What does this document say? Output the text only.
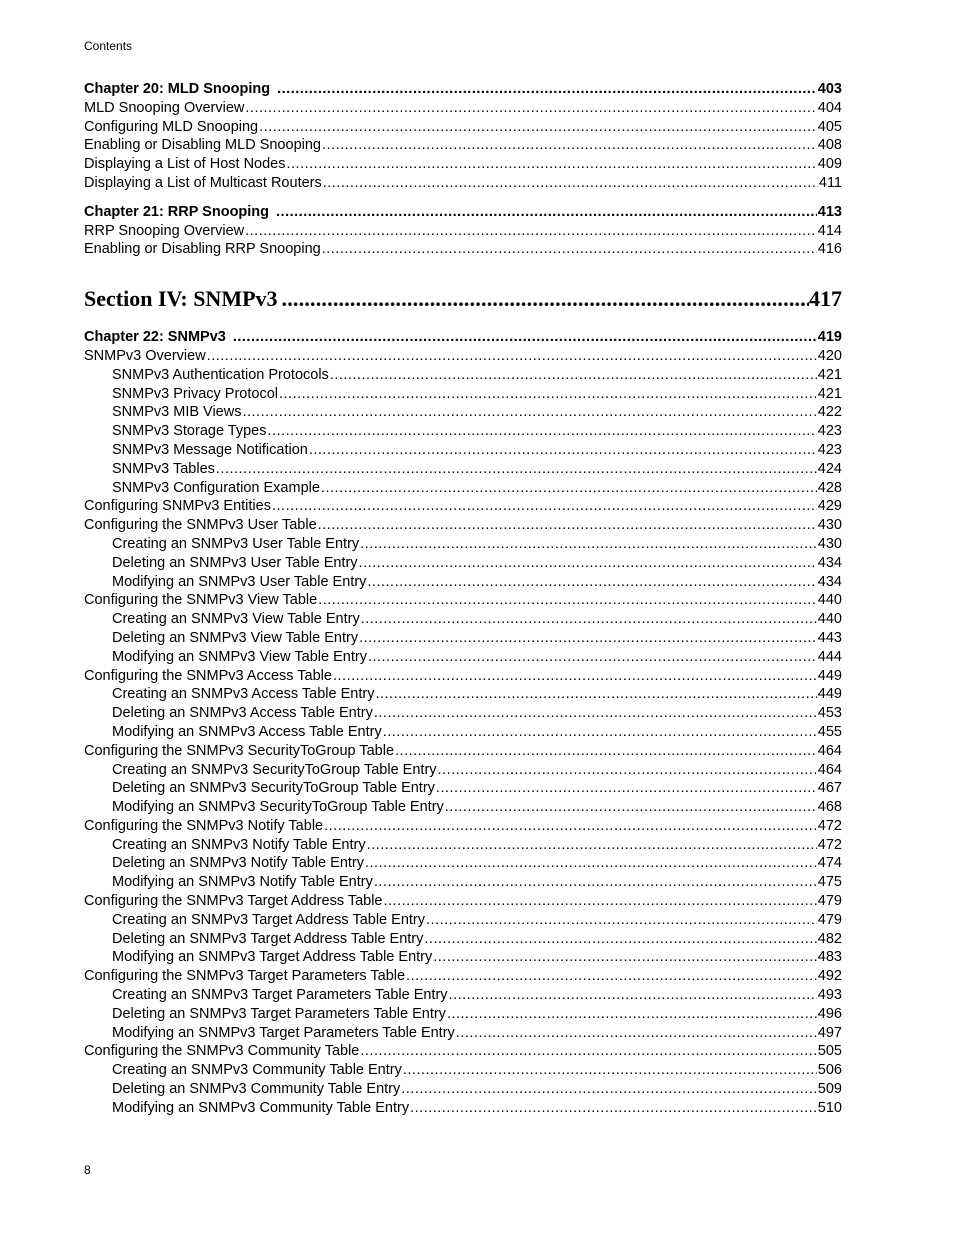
Contents
Chapter 20: MLD Snooping .....	403
MLD Snooping Overview .....	404
Configuring MLD Snooping .....	405
Enabling or Disabling MLD Snooping .....	408
Displaying a List of Host Nodes .....	409
Displaying a List of Multicast Routers .....	411
Chapter 21: RRP Snooping .....	413
RRP Snooping Overview .....	414
Enabling or Disabling RRP Snooping .....	416
Section IV: SNMPv3 .....	417
Chapter 22: SNMPv3 .....	419
SNMPv3 Overview .....	420
SNMPv3 Authentication Protocols .....	421
SNMPv3 Privacy Protocol .....	421
SNMPv3 MIB Views .....	422
SNMPv3 Storage Types .....	423
SNMPv3 Message Notification .....	423
SNMPv3 Tables .....	424
SNMPv3 Configuration Example .....	428
Configuring SNMPv3 Entities .....	429
Configuring the SNMPv3 User Table .....	430
Creating an SNMPv3 User Table Entry .....	430
Deleting an SNMPv3 User Table Entry .....	434
Modifying an SNMPv3 User Table Entry .....	434
Configuring the SNMPv3 View Table .....	440
Creating an SNMPv3 View Table Entry .....	440
Deleting an SNMPv3 View Table Entry .....	443
Modifying an SNMPv3 View Table Entry .....	444
Configuring the SNMPv3 Access Table .....	449
Creating an SNMPv3 Access Table Entry .....	449
Deleting an SNMPv3 Access Table Entry .....	453
Modifying an SNMPv3 Access Table Entry .....	455
Configuring the SNMPv3 SecurityToGroup Table .....	464
Creating an SNMPv3 SecurityToGroup Table Entry .....	464
Deleting an SNMPv3 SecurityToGroup Table Entry .....	467
Modifying an SNMPv3 SecurityToGroup Table Entry .....	468
Configuring the SNMPv3 Notify Table .....	472
Creating an SNMPv3 Notify Table Entry .....	472
Deleting an SNMPv3 Notify Table Entry .....	474
Modifying an SNMPv3 Notify Table Entry .....	475
Configuring the SNMPv3 Target Address Table .....	479
Creating an SNMPv3 Target Address Table Entry .....	479
Deleting an SNMPv3 Target Address Table Entry .....	482
Modifying an SNMPv3 Target Address Table Entry .....	483
Configuring the SNMPv3 Target Parameters Table .....	492
Creating an SNMPv3 Target Parameters Table Entry .....	493
Deleting an SNMPv3 Target Parameters Table Entry .....	496
Modifying an SNMPv3 Target Parameters Table Entry .....	497
Configuring the SNMPv3 Community Table .....	505
Creating an SNMPv3 Community Table Entry .....	506
Deleting an SNMPv3 Community Table Entry .....	509
Modifying an SNMPv3 Community Table Entry .....	510
8
